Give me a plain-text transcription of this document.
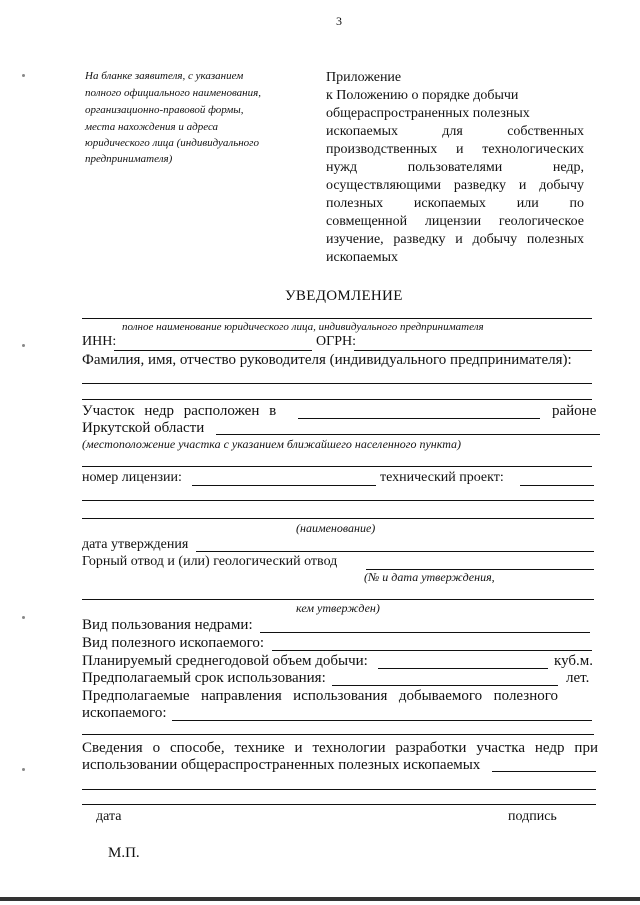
3
На бланке заявителя, с указанием
полного официального наименования,
организационно-правовой формы,
места нахождения и адреса
юридического лица (индивидуального
предпринимателя)
Приложение
к Положению о порядке добычи
общераспространенных полезных
ископаемых для собственных
производственных и технологических
нужд пользователями недр,
осуществляющими разведку и добычу
полезных ископаемых или по
совмещенной лицензии геологическое
изучение, разведку и добычу полезных
ископаемых
УВЕДОМЛЕНИЕ
полное наименование юридического лица, индивидуального предпринимателя
ИНН:	ОГРН:
Фамилия, имя, отчество руководителя (индивидуального предпринимателя):
Участок недр расположен в	районе
Иркутской области
(местоположение участка с указанием ближайшего населенного пункта)
номер лицензии:	технический проект:
(наименование)
дата утверждения
Горный отвод и (или) геологический отвод
(№ и дата утверждения,
кем утвержден)
Вид пользования недрами:
Вид полезного ископаемого:
Планируемый среднегодовой объем добычи:	куб.м.
Предполагаемый срок использования:	лет.
Предполагаемые направления использования добываемого полезного
ископаемого:
Сведения о способе, технике и технологии разработки участка недр при
использовании общераспространенных полезных ископаемых
дата	подпись
М.П.
